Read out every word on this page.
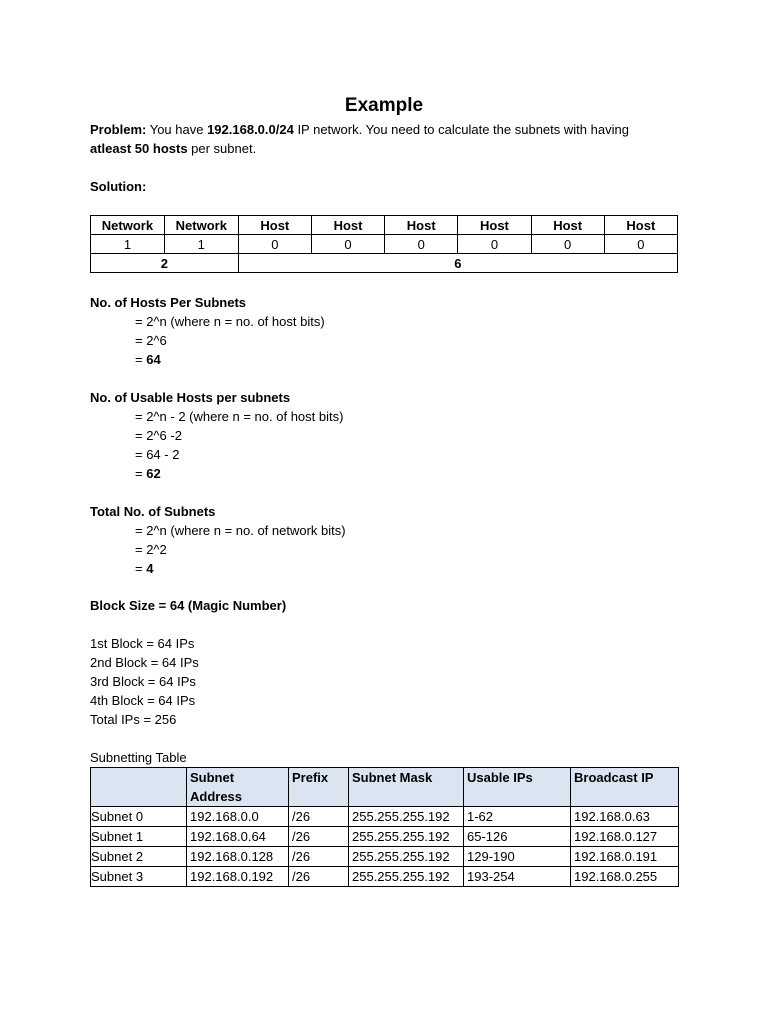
Example
Problem: You have 192.168.0.0/24 IP network. You need to calculate the subnets with having
atleast 50 hosts per subnet.
Solution:
Network	Network	Host	Host	Host	Host	Host	Host
1	1	0	0	0	0	0	0
2		6					
No. of Hosts Per Subnets
= 2^n (where n = no. of host bits)
= 2^6
= 64
No. of Usable Hosts per subnets
= 2^n - 2 (where n = no. of host bits)
= 2^6 -2
= 64 - 2
= 62
Total No. of Subnets
= 2^n (where n = no. of network bits)
= 2^2
= 4
Block Size = 64 (Magic Number)
1st Block = 64 IPs
2nd Block = 64 IPs
3rd Block = 64 IPs
4th Block = 64 IPs
Total IPs = 256
Subnetting Table
	Subnet Address	Prefix	Subnet Mask	Usable IPs	Broadcast IP
Subnet 0	192.168.0.0	/26	255.255.255.192	1-62	192.168.0.63
Subnet 1	192.168.0.64	/26	255.255.255.192	65-126	192.168.0.127
Subnet 2	192.168.0.128	/26	255.255.255.192	129-190	192.168.0.191
Subnet 3	192.168.0.192	/26	255.255.255.192	193-254	192.168.0.255
